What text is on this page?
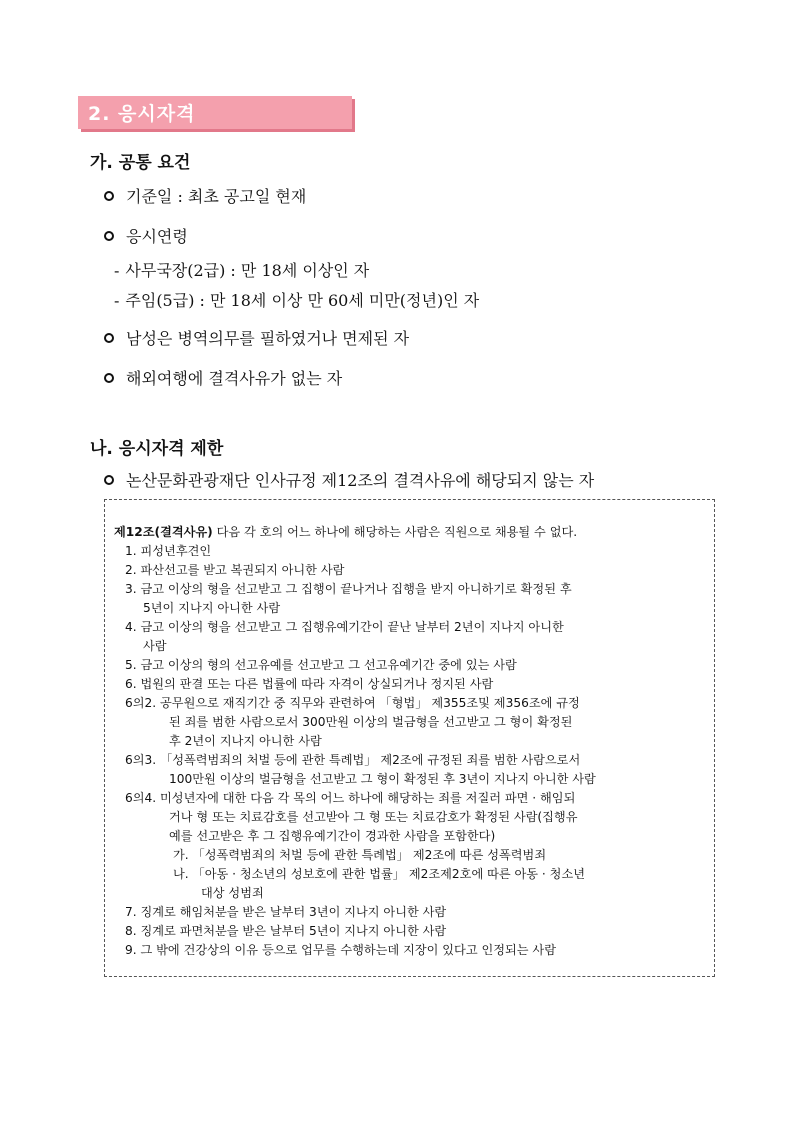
2. 응시자격
가. 공통 요건
기준일 : 최초 공고일 현재
응시연령
- 사무국장(2급) : 만 18세 이상인 자
- 주임(5급) : 만 18세 이상 만 60세 미만(정년)인 자
남성은 병역의무를 필하였거나 면제된 자
해외여행에 결격사유가 없는 자
나. 응시자격 제한
논산문화관광재단 인사규정 제12조의 결격사유에 해당되지 않는 자
제12조(결격사유) 다음 각 호의 어느 하나에 해당하는 사람은 직원으로 채용될 수 없다.
1. 피성년후견인
2. 파산선고를 받고 복권되지 아니한 사람
3. 금고 이상의 형을 선고받고 그 집행이 끝나거나 집행을 받지 아니하기로 확정된 후
5년이 지나지 아니한 사람
4. 금고 이상의 형을 선고받고 그 집행유예기간이 끝난 날부터 2년이 지나지 아니한
사람
5. 금고 이상의 형의 선고유예를 선고받고 그 선고유예기간 중에 있는 사람
6. 법원의 판결 또는 다른 법률에 따라 자격이 상실되거나 정지된 사람
6의2. 공무원으로 재직기간 중 직무와 관련하여 「형법」 제355조및 제356조에 규정
된 죄를 범한 사람으로서 300만원 이상의 벌금형을 선고받고 그 형이 확정된
후 2년이 지나지 아니한 사람
6의3. 「성폭력범죄의 처벌 등에 관한 특례법」 제2조에 규정된 죄를 범한 사람으로서
100만원 이상의 벌금형을 선고받고 그 형이 확정된 후 3년이 지나지 아니한 사람
6의4. 미성년자에 대한 다음 각 목의 어느 하나에 해당하는 죄를 저질러 파면 · 해임되
거나 형 또는 치료감호를 선고받아 그 형 또는 치료감호가 확정된 사람(집행유
예를 선고받은 후 그 집행유예기간이 경과한 사람을 포함한다)
가. 「성폭력범죄의 처벌 등에 관한 특례법」 제2조에 따른 성폭력범죄
나. 「아동 · 청소년의 성보호에 관한 법률」 제2조제2호에 따른 아동 · 청소년
대상 성범죄
7. 징계로 해임처분을 받은 날부터 3년이 지나지 아니한 사람
8. 징계로 파면처분을 받은 날부터 5년이 지나지 아니한 사람
9. 그 밖에 건강상의 이유 등으로 업무를 수행하는데 지장이 있다고 인정되는 사람
